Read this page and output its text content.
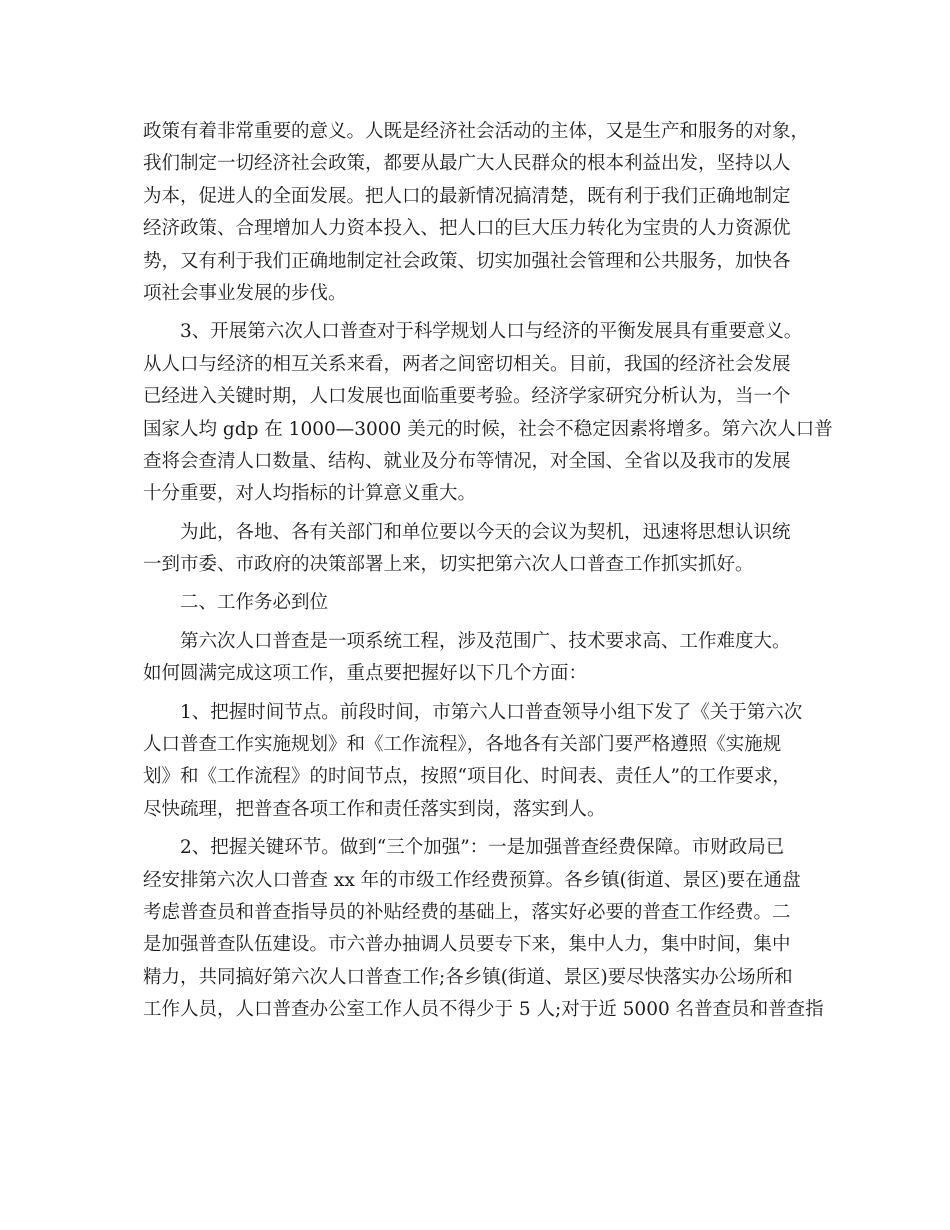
政策有着非常重要的意义。人既是经济社会活动的主体，又是生产和服务的对象，
我们制定一切经济社会政策，都要从最广大人民群众的根本利益出发，坚持以人
为本，促进人的全面发展。把人口的最新情况搞清楚，既有利于我们正确地制定
经济政策、合理增加人力资本投入、把人口的巨大压力转化为宝贵的人力资源优
势，又有利于我们正确地制定社会政策、切实加强社会管理和公共服务，加快各
项社会事业发展的步伐。
　　3、开展第六次人口普查对于科学规划人口与经济的平衡发展具有重要意义。
从人口与经济的相互关系来看，两者之间密切相关。目前，我国的经济社会发展
已经进入关键时期，人口发展也面临重要考验。经济学家研究分析认为，当一个
国家人均 gdp 在 1000—3000 美元的时候，社会不稳定因素将增多。第六次人口普
查将会查清人口数量、结构、就业及分布等情况，对全国、全省以及我市的发展
十分重要，对人均指标的计算意义重大。
　　为此，各地、各有关部门和单位要以今天的会议为契机，迅速将思想认识统
一到市委、市政府的决策部署上来，切实把第六次人口普查工作抓实抓好。
　　二、工作务必到位
　　第六次人口普查是一项系统工程，涉及范围广、技术要求高、工作难度大。
如何圆满完成这项工作，重点要把握好以下几个方面：
　　1、把握时间节点。前段时间，市第六人口普查领导小组下发了《关于第六次
人口普查工作实施规划》和《工作流程》，各地各有关部门要严格遵照《实施规
划》和《工作流程》的时间节点，按照“项目化、时间表、责任人”的工作要求，
尽快疏理，把普查各项工作和责任落实到岗，落实到人。
　　2、把握关键环节。做到“三个加强”：一是加强普查经费保障。市财政局已
经安排第六次人口普查 xx 年的市级工作经费预算。各乡镇(街道、景区)要在通盘
考虑普查员和普查指导员的补贴经费的基础上，落实好必要的普查工作经费。二
是加强普查队伍建设。市六普办抽调人员要专下来，集中人力，集中时间，集中
精力，共同搞好第六次人口普查工作;各乡镇(街道、景区)要尽快落实办公场所和
工作人员，人口普查办公室工作人员不得少于 5 人;对于近 5000 名普查员和普查指
